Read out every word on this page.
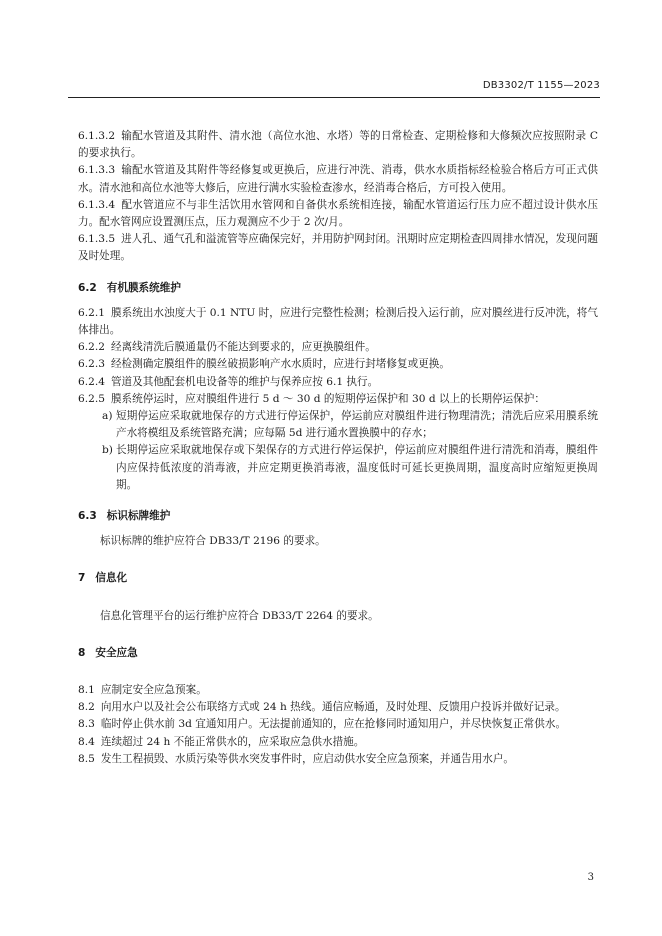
DB3302/T 1155—2023

6.1.3.2 输配水管道及其附件、清水池（高位水池、水塔）等的日常检查、定期检修和大修频次应按照附录 C 的要求执行。

6.1.3.3 输配水管道及其附件等经修复或更换后，应进行冲洗、消毒，供水水质指标经检验合格后方可正式供水。清水池和高位水池等大修后，应进行满水实验检查渗水，经消毒合格后，方可投入使用。

6.1.3.4 配水管道应不与非生活饮用水管网和自备供水系统相连接，输配水管道运行压力应不超过设计供水压力。配水管网应设置测压点，压力观测应不少于 2 次/月。

6.1.3.5 进人孔、通气孔和溢流管等应确保完好，并用防护网封闭。汛期时应定期检查四周排水情况，发现问题及时处理。

6.2 有机膜系统维护

6.2.1 膜系统出水浊度大于 0.1 NTU 时，应进行完整性检测；检测后投入运行前，应对膜丝进行反冲洗，将气体排出。

6.2.2 经离线清洗后膜通量仍不能达到要求的，应更换膜组件。

6.2.3 经检测确定膜组件的膜丝破损影响产水水质时，应进行封堵修复或更换。

6.2.4 管道及其他配套机电设备等的维护与保养应按 6.1 执行。

6.2.5 膜系统停运时，应对膜组件进行 5 d ～ 30 d 的短期停运保护和 30 d 以上的长期停运保护：

a) 短期停运应采取就地保存的方式进行停运保护，停运前应对膜组件进行物理清洗；清洗后应采用膜系统产水将模组及系统管路充满；应每隔 5d 进行通水置换膜中的存水；

b) 长期停运应采取就地保存或下架保存的方式进行停运保护，停运前应对膜组件进行清洗和消毒，膜组件内应保持低浓度的消毒液，并应定期更换消毒液，温度低时可延长更换周期，温度高时应缩短更换周期。

6.3 标识标牌维护

标识标牌的维护应符合 DB33/T 2196 的要求。

7 信息化

信息化管理平台的运行维护应符合 DB33/T 2264 的要求。

8 安全应急

8.1 应制定安全应急预案。

8.2 向用水户以及社会公布联络方式或 24 h 热线。通信应畅通，及时处理、反馈用户投诉并做好记录。

8.3 临时停止供水前 3d 宜通知用户。无法提前通知的，应在抢修同时通知用户，并尽快恢复正常供水。

8.4 连续超过 24 h 不能正常供水的，应采取应急供水措施。

8.5 发生工程损毁、水质污染等供水突发事件时，应启动供水安全应急预案，并通告用水户。

3
